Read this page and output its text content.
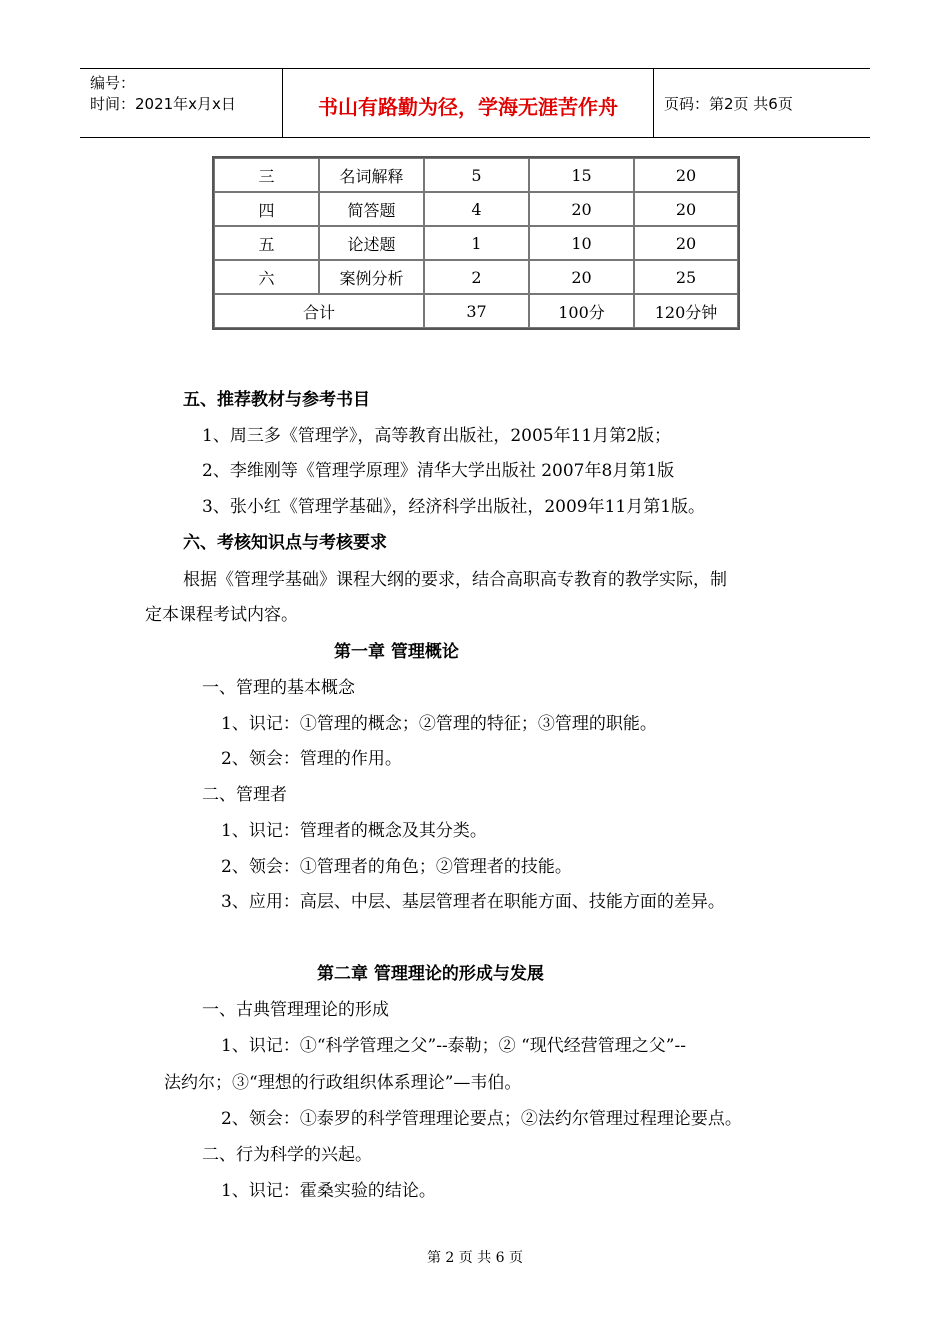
编号：
时间：2021年x月x日	书山有路勤为径，学海无涯苦作舟	页码：第2页 共6页
三	名词解释	5	15	20
四	简答题	4	20	20
五	论述题	1	10	20
六	案例分析	2	20	25
合计		37	100分	120分钟
五、推荐教材与参考书目
1、周三多《管理学》，高等教育出版社，2005年11月第2版；
2、李维刚等《管理学原理》清华大学出版社 2007年8月第1版
3、张小红《管理学基础》，经济科学出版社，2009年11月第1版。
六、考核知识点与考核要求
根据《管理学基础》课程大纲的要求，结合高职高专教育的教学实际，制
定本课程考试内容。
第一章 管理概论
一、管理的基本概念
1、识记：①管理的概念；②管理的特征；③管理的职能。
2、领会：管理的作用。
二、管理者
1、识记：管理者的概念及其分类。
2、领会：①管理者的角色；②管理者的技能。
3、应用：高层、中层、基层管理者在职能方面、技能方面的差异。
第二章 管理理论的形成与发展
一、古典管理理论的形成
1、识记：①“科学管理之父”--泰勒；② “现代经营管理之父”--
法约尔；③“理想的行政组织体系理论”—韦伯。
2、领会：①泰罗的科学管理理论要点；②法约尔管理过程理论要点。
二、行为科学的兴起。
1、识记：霍桑实验的结论。
第 2 页 共 6 页
